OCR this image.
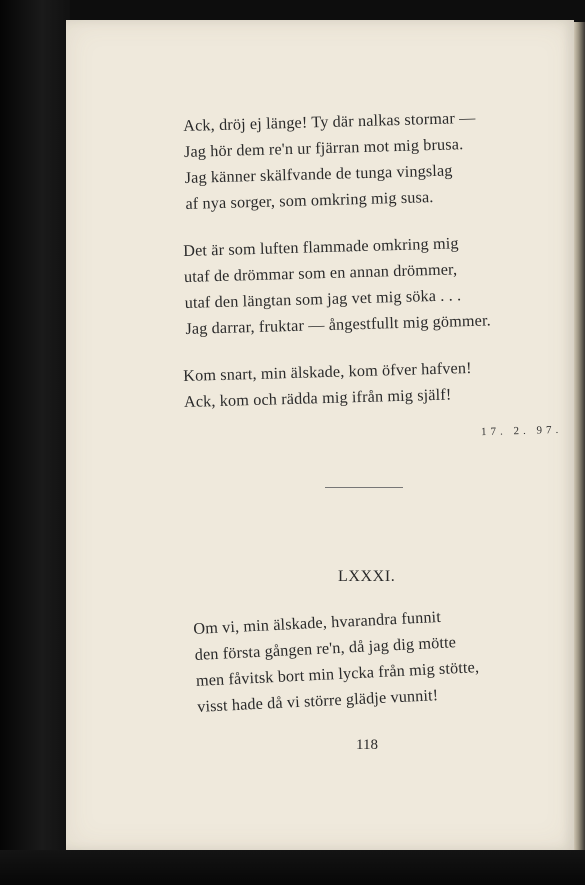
Ack, dröj ej länge! Ty där nalkas stormar —
Jag hör dem re'n ur fjärran mot mig brusa.
Jag känner skälfvande de tunga vingslag
af nya sorger, som omkring mig susa.
Det är som luften flammade omkring mig
utaf de drömmar som en annan drömmer,
utaf den längtan som jag vet mig söka . . .
Jag darrar, fruktar — ångestfullt mig gömmer.
Kom snart, min älskade, kom öfver hafven!
Ack, kom och rädda mig ifrån mig själf!
17. 2. 97.
LXXXI.
Om vi, min älskade, hvarandra funnit
den första gången re'n, då jag dig mötte
men fåvitsk bort min lycka från mig stötte,
visst hade då vi större glädje vunnit!
118
